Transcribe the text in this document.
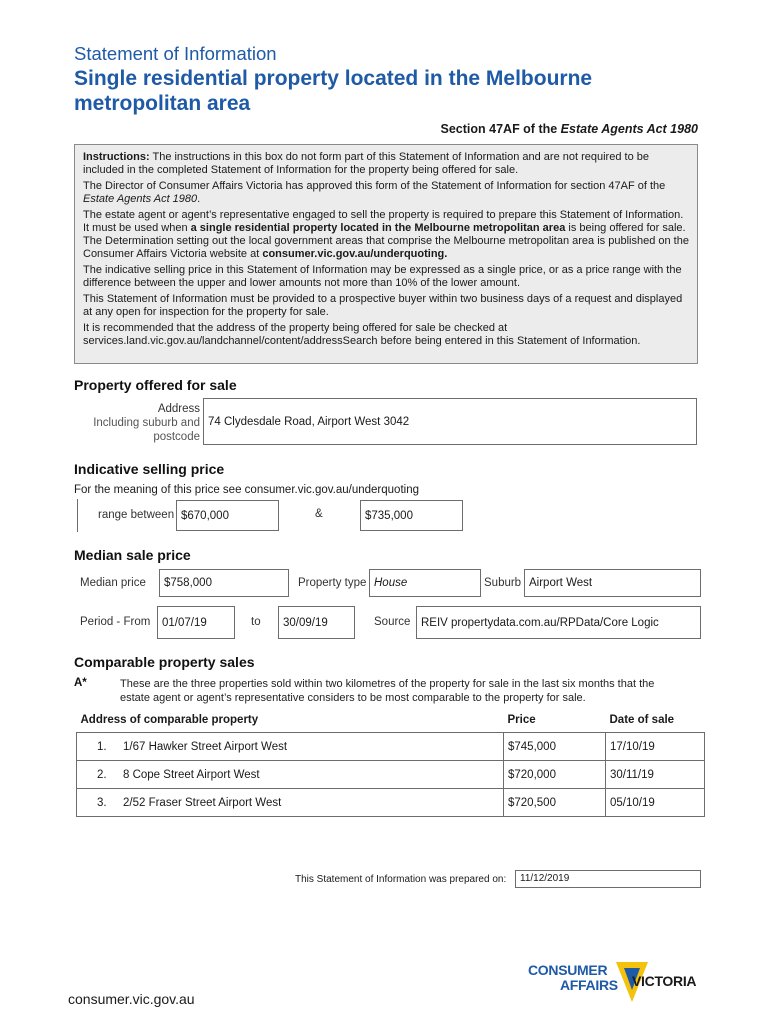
Statement of Information
Single residential property located in the Melbourne
metropolitan area
Section 47AF of the Estate Agents Act 1980

Instructions: The instructions in this box do not form part of this Statement of Information and are not required to be included in the completed Statement of Information for the property being offered for sale.

The Director of Consumer Affairs Victoria has approved this form of the Statement of Information for section 47AF of the Estate Agents Act 1980.

The estate agent or agent’s representative engaged to sell the property is required to prepare this Statement of Information. It must be used when a single residential property located in the Melbourne metropolitan area is being offered for sale. The Determination setting out the local government areas that comprise the Melbourne metropolitan area is published on the Consumer Affairs Victoria website at consumer.vic.gov.au/underquoting.

The indicative selling price in this Statement of Information may be expressed as a single price, or as a price range with the difference between the upper and lower amounts not more than 10% of the lower amount.

This Statement of Information must be provided to a prospective buyer within two business days of a request and displayed at any open for inspection for the property for sale.

It is recommended that the address of the property being offered for sale be checked at services.land.vic.gov.au/landchannel/content/addressSearch before being entered in this Statement of Information.

Property offered for sale
Address
Including suburb and
postcode
74 Clydesdale Road, Airport West 3042
Indicative selling price
For the meaning of this price see consumer.vic.gov.au/underquoting
range between $670,000	&	$735,000
Median sale price
Median price	$758,000	Property type House	Suburb Airport West
Period - From	01/07/19	to	30/09/19	Source REIV propertydata.com.au/RPData/Core Logic
Comparable property sales
A*	These are the three properties sold within two kilometres of the property for sale in the last six months that the
estate agent or agent’s representative considers to be most comparable to the property for sale.
Address of comparable property	Price	Date of sale
1. 1/67 Hawker Street Airport West	$745,000	17/10/19
2. 8 Cope Street Airport West	$720,000	30/11/19
3. 2/52 Fraser Street Airport West	$720,500	05/10/19
This Statement of Information was prepared on:	11/12/2019
CONSUMER
AFFAIRS VICTORIA
consumer.vic.gov.au
